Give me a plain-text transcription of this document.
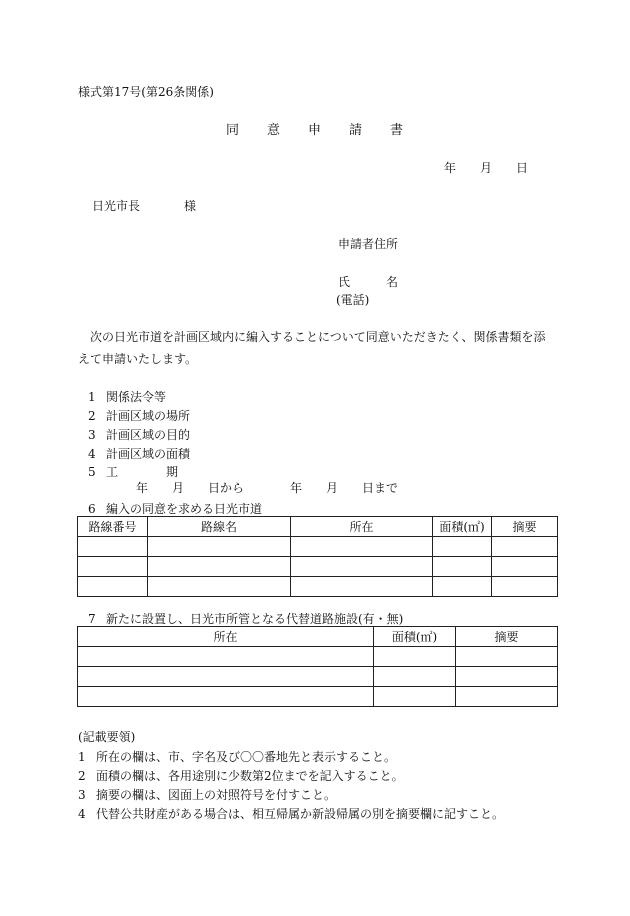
様式第17号(第26条関係)
同意申請書
年 月 日
日光市長	様
申請者住所
氏	名
(電話)
次の日光市道を計画区域内に編入することについて同意いただきたく、関係書類を添えて申請いたします。
1 関係法令等
2 計画区域の場所
3 計画区域の目的
4 計画区域の面積
5 工	期
年 月 日から	年 月 日まで
6 編入の同意を求める日光市道
路線番号	路線名	所在	面積(㎡)	摘要

7 新たに設置し、日光市所管となる代替道路施設(有・無)
所在	面積(㎡)	摘要

(記載要領)
1 所在の欄は、市、字名及び〇〇番地先と表示すること。
2 面積の欄は、各用途別に少数第2位までを記入すること。
3 摘要の欄は、図面上の対照符号を付すこと。
4 代替公共財産がある場合は、相互帰属か新設帰属の別を摘要欄に記すこと。
